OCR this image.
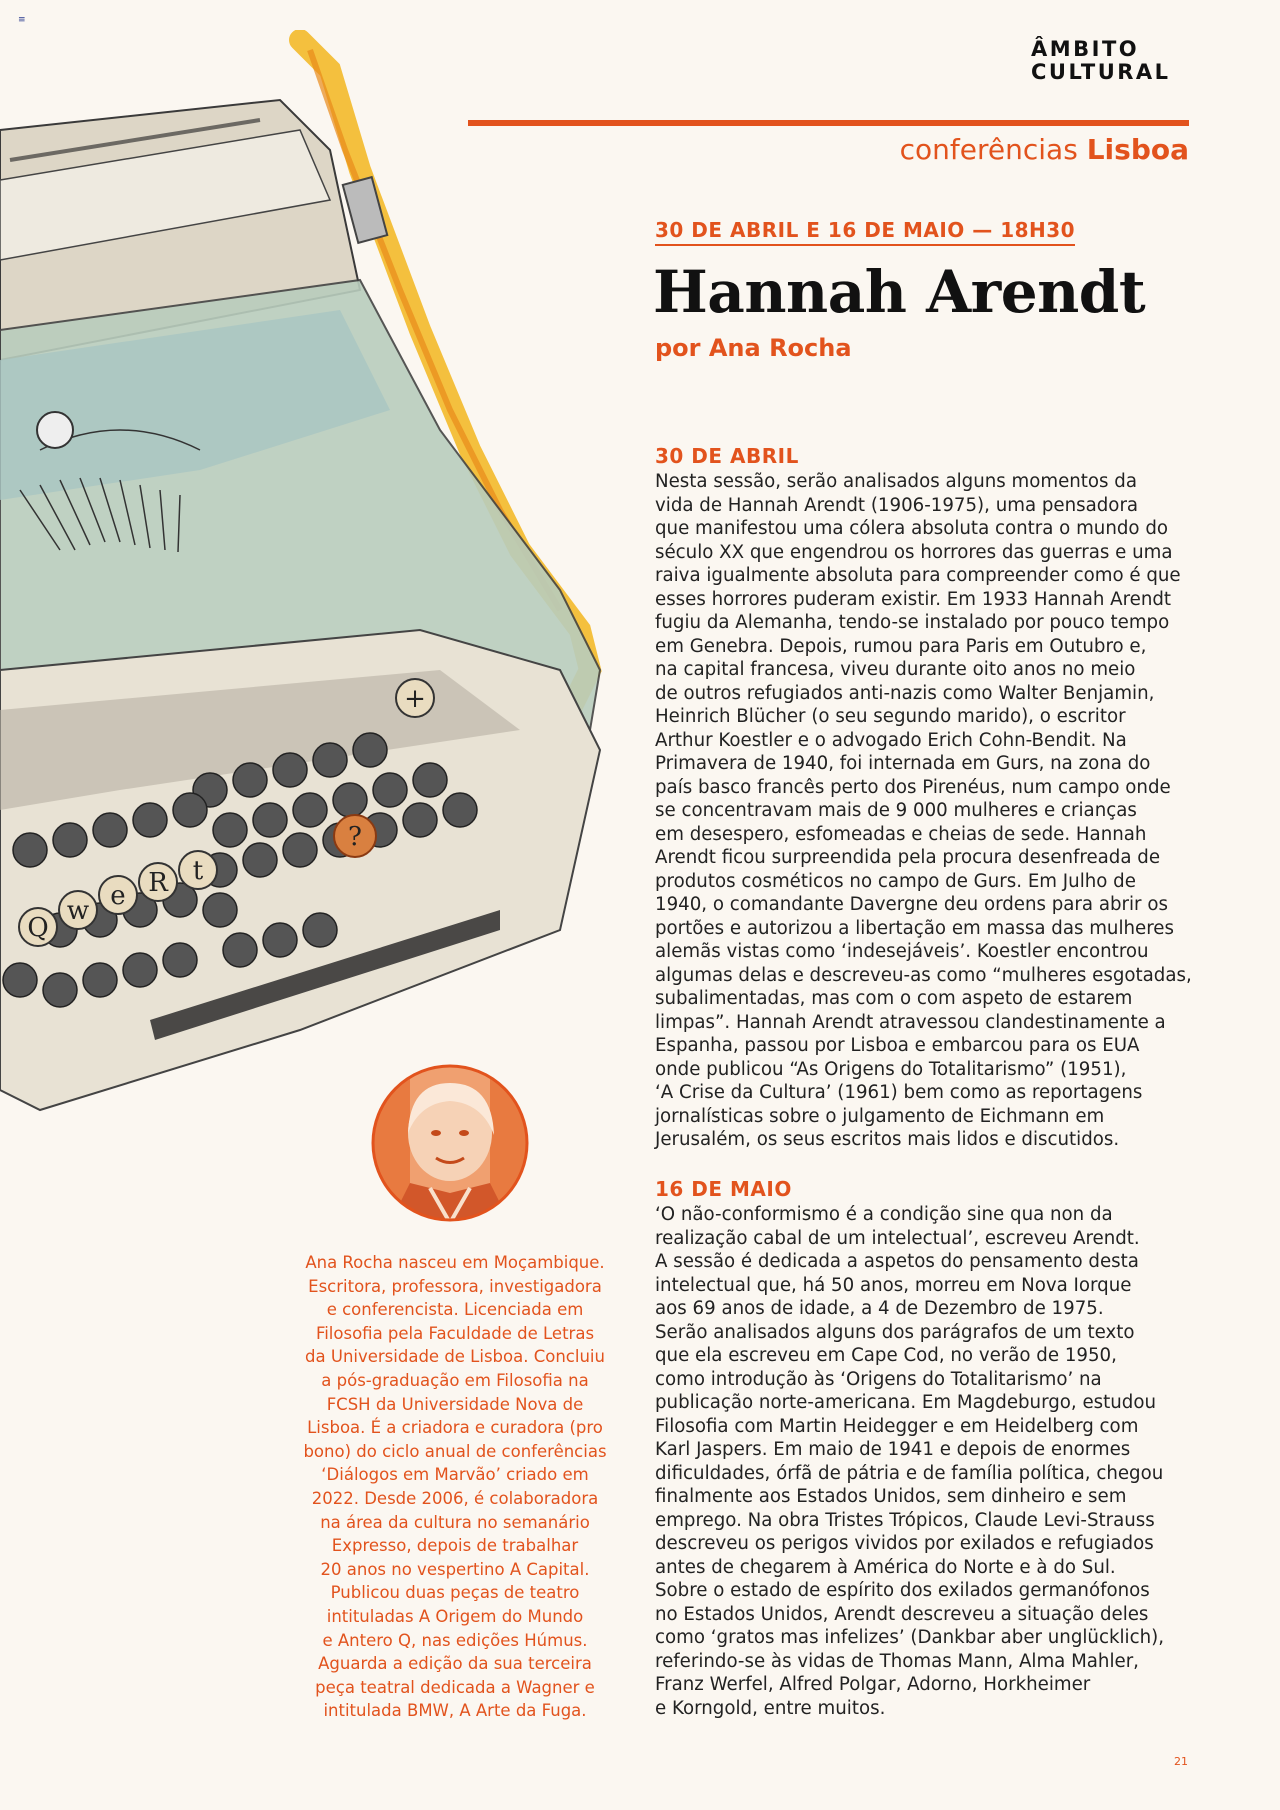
≡
Q
w e R t
+
?
ÂMBITO
CULTURAL
conferências Lisboa
30 DE ABRIL E 16 DE MAIO — 18H30
Hannah Arendt
por Ana Rocha
30 DE ABRIL
Nesta sessão, serão analisados alguns momentos da
vida de Hannah Arendt (1906-1975), uma pensadora
que manifestou uma cólera absoluta contra o mundo do
século XX que engendrou os horrores das guerras e uma
raiva igualmente absoluta para compreender como é que
esses horrores puderam existir. Em 1933 Hannah Arendt
fugiu da Alemanha, tendo-se instalado por pouco tempo
em Genebra. Depois, rumou para Paris em Outubro e,
na capital francesa, viveu durante oito anos no meio
de outros refugiados anti-nazis como Walter Benjamin,
Heinrich Blücher (o seu segundo marido), o escritor
Arthur Koestler e o advogado Erich Cohn-Bendit. Na
Primavera de 1940, foi internada em Gurs, na zona do
país basco francês perto dos Pirenéus, num campo onde
se concentravam mais de 9 000 mulheres e crianças
em desespero, esfomeadas e cheias de sede. Hannah
Arendt ficou surpreendida pela procura desenfreada de
produtos cosméticos no campo de Gurs. Em Julho de
1940, o comandante Davergne deu ordens para abrir os
portões e autorizou a libertação em massa das mulheres
alemãs vistas como ‘indesejáveis’. Koestler encontrou
algumas delas e descreveu-as como “mulheres esgotadas,
subalimentadas, mas com o com aspeto de estarem
limpas”. Hannah Arendt atravessou clandestinamente a
Espanha, passou por Lisboa e embarcou para os EUA
onde publicou “As Origens do Totalitarismo” (1951),
‘A Crise da Cultura’ (1961) bem como as reportagens
jornalísticas sobre o julgamento de Eichmann em
Jerusalém, os seus escritos mais lidos e discutidos.
16 DE MAIO
‘O não-conformismo é a condição sine qua non da
realização cabal de um intelectual’, escreveu Arendt.
A sessão é dedicada a aspetos do pensamento desta
intelectual que, há 50 anos, morreu em Nova Iorque
aos 69 anos de idade, a 4 de Dezembro de 1975.
Serão analisados alguns dos parágrafos de um texto
que ela escreveu em Cape Cod, no verão de 1950,
como introdução às ‘Origens do Totalitarismo’ na
publicação norte-americana. Em Magdeburgo, estudou
Filosofia com Martin Heidegger e em Heidelberg com
Karl Jaspers. Em maio de 1941 e depois de enormes
dificuldades, órfã de pátria e de família política, chegou
finalmente aos Estados Unidos, sem dinheiro e sem
emprego. Na obra Tristes Trópicos, Claude Levi-Strauss
descreveu os perigos vividos por exilados e refugiados
antes de chegarem à América do Norte e à do Sul.
Sobre o estado de espírito dos exilados germanófonos
no Estados Unidos, Arendt descreveu a situação deles
como ‘gratos mas infelizes’ (Dankbar aber unglücklich),
referindo-se às vidas de Thomas Mann, Alma Mahler,
Franz Werfel, Alfred Polgar, Adorno, Horkheimer
e Korngold, entre muitos.
Ana Rocha nasceu em Moçambique.
Escritora, professora, investigadora
e conferencista. Licenciada em
Filosofia pela Faculdade de Letras
da Universidade de Lisboa. Concluiu
a pós-graduação em Filosofia na
FCSH da Universidade Nova de
Lisboa. É a criadora e curadora (pro
bono) do ciclo anual de conferências
‘Diálogos em Marvão’ criado em
2022. Desde 2006, é colaboradora
na área da cultura no semanário
Expresso, depois de trabalhar
20 anos no vespertino A Capital.
Publicou duas peças de teatro
intituladas A Origem do Mundo
e Antero Q, nas edições Húmus.
Aguarda a edição da sua terceira
peça teatral dedicada a Wagner e
intitulada BMW, A Arte da Fuga.
21
